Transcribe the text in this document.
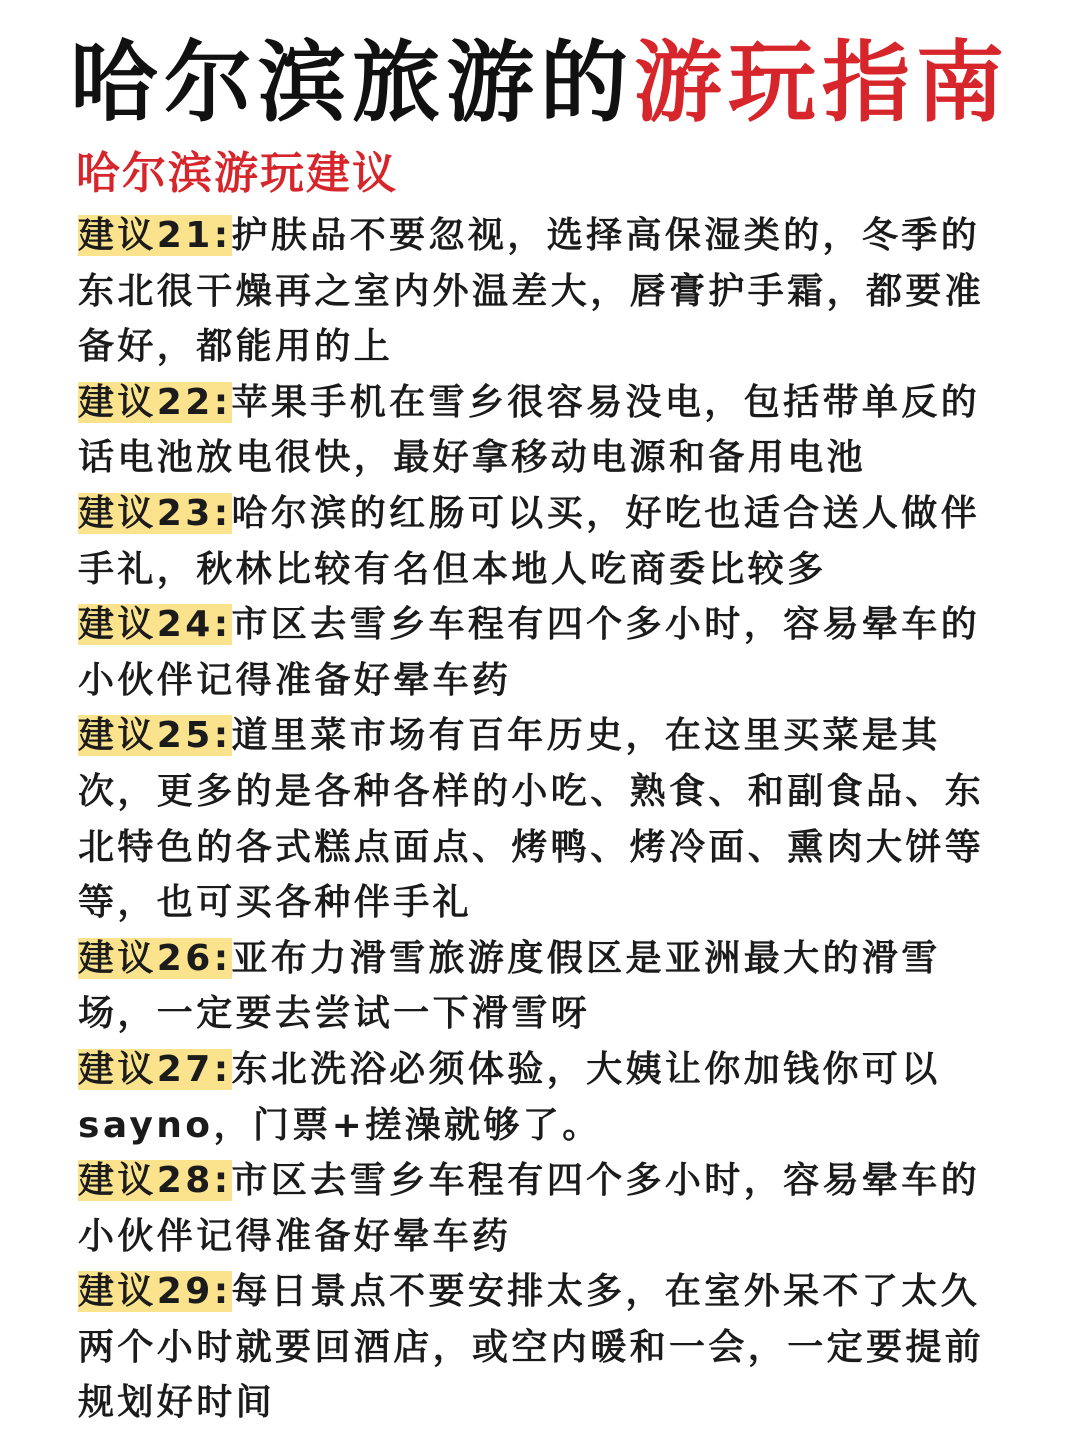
哈尔滨旅游的游玩指南
哈尔滨游玩建议

建议21:护肤品不要忽视，选择高保湿类的，冬季的东北很干燥再之室内外温差大，唇膏护手霜，都要准备好，都能用的上

建议22:苹果手机在雪乡很容易没电，包括带单反的话电池放电很快，最好拿移动电源和备用电池

建议23:哈尔滨的红肠可以买，好吃也适合送人做伴手礼，秋林比较有名但本地人吃商委比较多

建议24:市区去雪乡车程有四个多小时，容易晕车的小伙伴记得准备好晕车药

建议25:道里菜市场有百年历史，在这里买菜是其次，更多的是各种各样的小吃、熟食、和副食品、东北特色的各式糕点面点、烤鸭、烤冷面、熏肉大饼等等，也可买各种伴手礼

建议26:亚布力滑雪旅游度假区是亚洲最大的滑雪场，一定要去尝试一下滑雪呀

建议27:东北洗浴必须体验，大姨让你加钱你可以sayno，门票+搓澡就够了。

建议28:市区去雪乡车程有四个多小时，容易晕车的小伙伴记得准备好晕车药

建议29:每日景点不要安排太多，在室外呆不了太久两个小时就要回酒店，或空内暖和一会，一定要提前规划好时间
